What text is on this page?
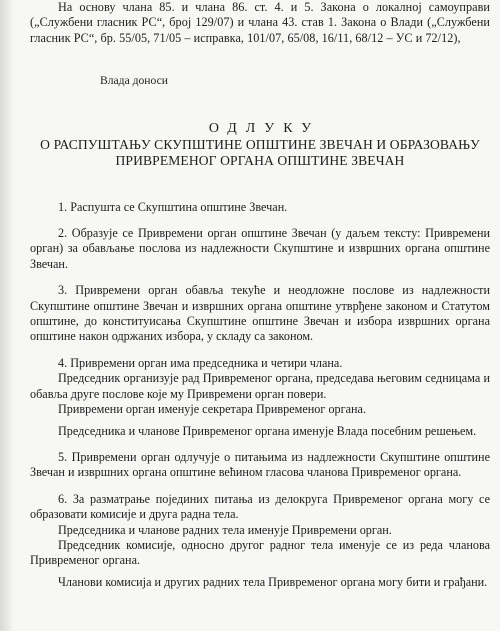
На основу члана 85. и члана 86. ст. 4. и 5. Закона о локалној самоуправи („Службени гласник РС“, број 129/07) и члана 43. став 1. Закона о Влади („Службени гласник РС“, бр. 55/05, 71/05 – исправка, 101/07, 65/08, 16/11, 68/12 – УС и 72/12),

Влада доноси
ОДЛУКУ
О РАСПУШТАЊУ СКУПШТИНЕ ОПШТИНЕ ЗВЕЧАН И ОБРАЗОВАЊУ
ПРИВРЕМЕНОГ ОРГАНА ОПШТИНЕ ЗВЕЧАН

1. Распушта се Скупштина општине Звечан.

2. Образује се Привремени орган општине Звечан (у даљем тексту: Привремени орган) за обављање послова из надлежности Скупштине и извршних органа општине Звечан.

3. Привремени орган обавља текуће и неодложне послове из надлежности Скупштине општине Звечан и извршних органа општине утврђене законом и Статутом општине, до конституисања Скупштине општине Звечан и избора извршних органа општине након одржаних избора, у складу са законом.

4. Привремени орган има председника и четири члана.

Председник организује рад Привременог органа, председава његовим седницама и обавља друге послове које му Привремени орган повери.

Привремени орган именује секретара Привременог органа.

Председника и чланове Привременог органа именује Влада посебним решењем.

5. Привремени орган одлучује о питањима из надлежности Скупштине општине Звечан и извршних органа општине већином гласова чланова Привременог органа.

6. За разматрање појединих питања из делокруга Привременог органа могу се образовати комисије и друга радна тела.

Председника и чланове радних тела именује Привремени орган.

Председник комисије, односно другог радног тела именује се из реда чланова Привременог органа.

Чланови комисија и других радних тела Привременог органа могу бити и грађани.
